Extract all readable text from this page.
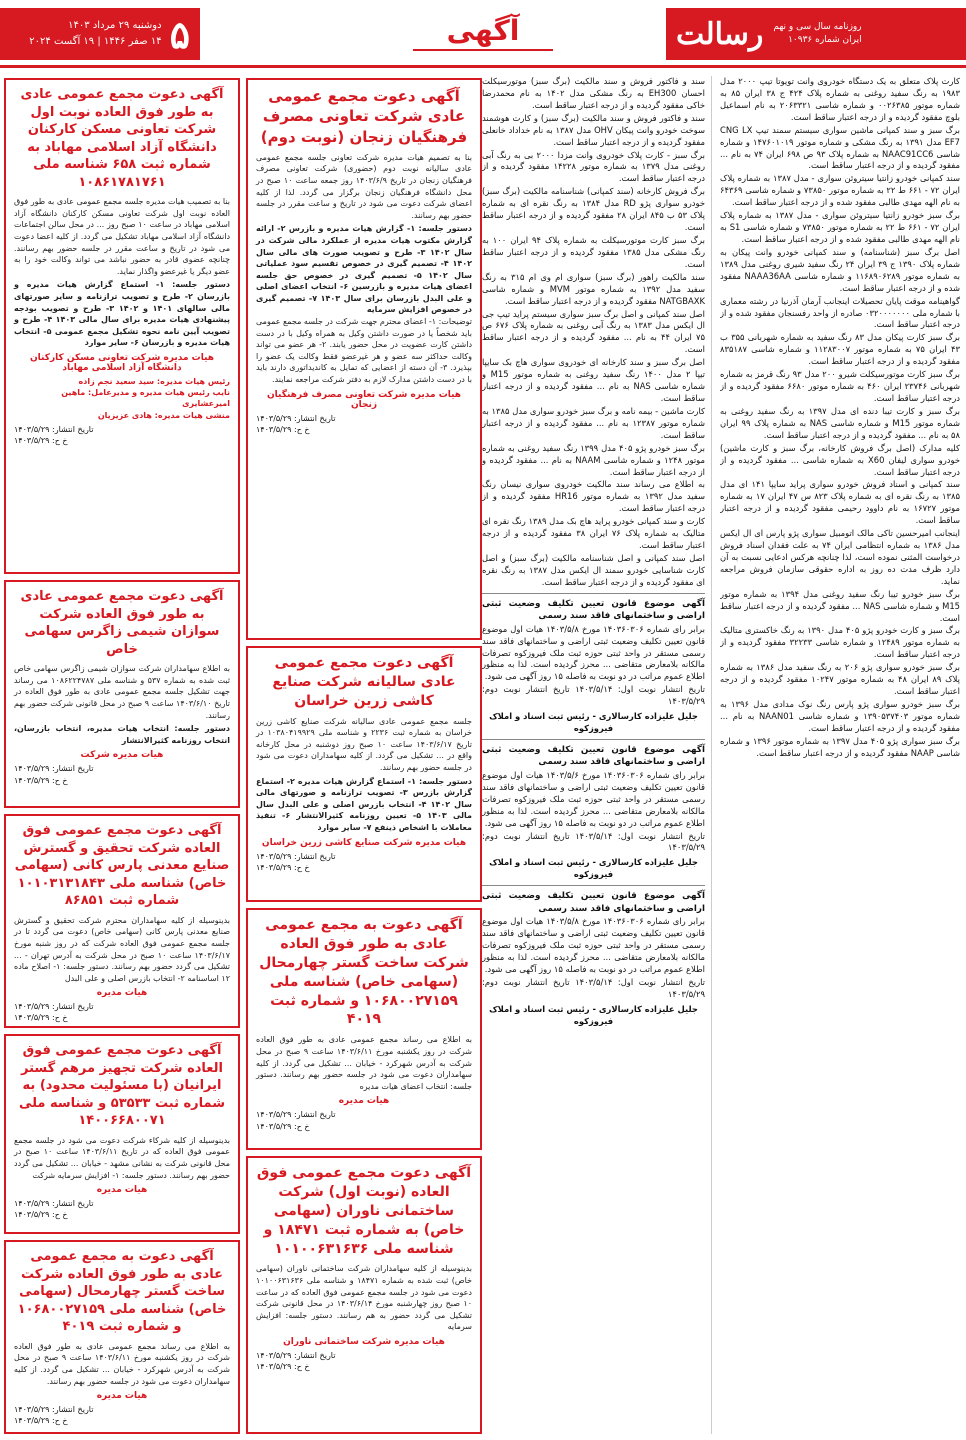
روزنامه سال سی و نهم
ایران شماره ۱۰۹۳۶
رسالت
آگهی
۵
دوشنبه ۲۹ مرداد ۱۴۰۳
۱۴ صفر ۱۴۴۶ | ۱۹ آگست ۲۰۲۴

کارت پلاک متعلق به یک دستگاه خودروی وانت تویوتا تیپ ۲۰۰۰ مدل ۱۹۸۳ به رنگ سفید روغنی به شماره پلاک ۴۲۴ ج ۳۸ ایران ۸۵ به شماره موتور ۰۰۲۶۳۸۵ و شماره شاسی ۲۰۶۳۳۲۱ به نام اسماعیل بلوچ مفقود گردیده و از درجه اعتبار ساقط است.

برگ سبز و سند کمپانی ماشین سواری سیستم سمند تیپ CNG LX EF7 مدل ۱۳۹۱ به رنگ مشکی و شماره موتور ۱۴۷۶۰۱۰۱۹ و شماره شاسی NAAC91CC6 به شماره پلاک ۹۳ ص ۶۹۸ ایران ۷۴ به نام ... مفقود گردیده و از درجه اعتبار ساقط است.

سند کمپانی خودرو زانتیا سیتروئن سواری - مدل ۱۳۸۷ به شماره پلاک ایران ۷۲ - ۶۶۱ ط ۲۲ به شماره موتور ۷۳۸۵۰ و شماره شاسی ۶۴۳۶۹ به نام الهه مهدی طالبی مفقود شده و از درجه اعتبار ساقط است.

برگ سبز خودرو زانتیا سیتروئن سواری - مدل ۱۳۸۷ به شماره پلاک ایران ۷۲ - ۶۶۱ ط ۲۲ به شماره موتور ۷۳۸۵۰ و شماره شاسی S1 به نام الهه مهدی طالبی مفقود شده و از درجه اعتبار ساقط است.

اصل برگ سبز (شناسنامه) و سند کمپانی خودرو وانت پیکان به شماره پلاک ۱۳۹۰ ج ۳۹ ایران ۲۴ رنگ سفید شیری روغنی مدل ۱۳۸۹ به شماره موتور ۱۱۶۸۹۰۶۲۸۹ و شماره شاسی NAAA36AA مفقود شده و از درجه اعتبار ساقط است.

گواهینامه موقت پایان تحصیلات اینجانب آرمان آذرنیا در رشته معماری با شماره ملی ۰۳۲۰۰۰۰۰۰۰ صادره از واحد رفسنجان مفقود شده و از درجه اعتبار ساقط است.

برگ سبز کارت پیکان مدل ۸۳ رنگ سفید به شماره شهربانی ۳۵۵ ب ۴۳ ایران ۷۵ به شماره موتور ۱۱۲۸۳۰۰۷ و شماره شاسی ۸۳۵۱۸۷ مفقود گردیده و از درجه اعتبار ساقط است.

برگ سبز کارت موتورسیکلت شیرو ۲۰۰ مدل ۹۳ رنگ قرمز به شماره شهربانی ۲۳۷۴۶ ایران ۴۶۰ به شماره موتور ۶۶۸۰ مفقود گردیده و از درجه اعتبار ساقط است.

برگ سبز و کارت تیبا دنده ای مدل ۱۳۹۷ به رنگ سفید روغنی به شماره موتور M15 و شماره شاسی NAS به شماره پلاک ۹۹ ایران ۵۸ به نام ... مفقود گردیده و از درجه اعتبار ساقط است.

کلیه مدارک (اصل برگ فروش کارخانه، برگ سبز و کارت ماشین) خودرو سواری لیفان X60 به شماره شاسی ... مفقود گردیده و از درجه اعتبار ساقط است.

سند کمپانی و اسناد فروش خودرو سواری پراید سایپا ۱۴۱ ای مدل ۱۳۸۵ به رنگ نقره ای به شماره پلاک ۸۲۳ س ۴۷ ایران ۱۷ به شماره موتور ۱۶۷۲۷ به نام داوود رحیمی مفقود گردیده و از درجه اعتبار ساقط است.

اینجانب امیرحسین تاکی مالک اتومبیل سواری پژو پارس ای ال ایکس مدل ۱۳۸۶ به شماره انتظامی ایران ۷۴ به علت فقدان اسناد فروش درخواست المثنی نموده است، لذا چنانچه هرکس ادعایی نسبت به آن دارد ظرف مدت ده روز به اداره حقوقی سازمان فروش مراجعه نماید.

برگ سبز خودرو تیبا رنگ سفید روغنی مدل ۱۳۹۴ به شماره موتور M15 و شماره شاسی NAS ... مفقود گردیده و از درجه اعتبار ساقط است.

برگ سبز و کارت خودرو پژو ۴۰۵ مدل ۱۳۹۰ به رنگ خاکستری متالیک به شماره موتور ۱۲۴۸۹ و شماره شاسی ۳۲۲۳۳ مفقود گردیده و از درجه اعتبار ساقط است.

برگ سبز خودرو سواری پژو ۲۰۶ به رنگ سفید مدل ۱۳۸۶ به شماره پلاک ۸۹ ایران ۴۸ به شماره موتور ۱۰۲۴۷ مفقود گردیده و از درجه اعتبار ساقط است.

برگ سبز خودرو سواری پژو پارس رنگ نوک مدادی مدل ۱۳۹۶ به شماره موتور ۱۳۹۰۵۳۷۴۰۳ و شماره شاسی NAAN01 به نام ... مفقود گردیده و از درجه اعتبار ساقط است.

برگ سبز سواری پژو ۴۰۵ مدل ۱۳۹۷ به شماره موتور ۱۳۹۶ و شماره شاسی NAAP مفقود گردیده و از درجه اعتبار ساقط است.

سند و فاکتور فروش و سند مالکیت (برگ سبز) موتورسیکلت احسان EH300 به رنگ مشکی مدل ۱۴۰۲ به نام محمدرضا خاکی مفقود گردیده و از درجه اعتبار ساقط است.

سند و فاکتور فروش و سند مالکیت (برگ سبز) و کارت هوشمند سوخت خودرو وانت پیکان OHV مدل ۱۳۸۷ به نام خداداد خانعلی مفقود گردیده و از درجه اعتبار ساقط است.

برگ سبز - کارت پلاک خودروی وانت مزدا ۲۰۰۰ بی به رنگ آبی روغنی مدل ۱۳۷۹ به شماره موتور ۱۴۲۲۸ مفقود گردیده و از درجه اعتبار ساقط است.

برگ فروش کارخانه (سند کمپانی) شناسنامه مالکیت (برگ سبز) خودرو سواری پژو RD مدل ۱۳۸۴ به رنگ نقره ای به شماره پلاک ۵۳ ب ۸۴۵ ایران ۲۸ مفقود گردیده و از درجه اعتبار ساقط است.

برگ سبز کارت موتورسیکلت به شماره پلاک ۹۴ ایران ۱۰۰ به رنگ مشکی مدل ۱۳۸۵ مفقود گردیده و از درجه اعتبار ساقط است.

سند مالکیت راهور (برگ سبز) سواری ام وی ام ۳۱۵ به رنگ سفید مدل ۱۳۹۲ به شماره موتور MVM و شماره شاسی NATGBAXK مفقود گردیده و از درجه اعتبار ساقط است.

اصل سند کمپانی و اصل برگ سبز سواری سیستم پراید تیپ جی ال ایکس مدل ۱۳۸۳ به رنگ آبی روغنی به شماره پلاک ۶۷۶ ص ۷۵ ایران ۴۴ به نام ... مفقود گردیده و از درجه اعتبار ساقط است.

اصل برگ سبز و سند کارخانه ای خودروی سواری هاچ بک سایپا تیپا ۲ مدل ۱۴۰۰ رنگ سفید روغنی به شماره موتور M15 و شماره شاسی NAS به نام ... مفقود گردیده و از درجه اعتبار ساقط است.

کارت ماشین - بیمه نامه و برگ سبز خودرو سواری مدل ۱۳۸۵ به شماره موتور ۱۲۳۸۷ به نام ... مفقود گردیده و از درجه اعتبار ساقط است.

برگ سبز خودرو پژو ۴۰۵ مدل ۱۳۹۹ رنگ سفید روغنی به شماره موتور ۱۲۴۸ و شماره شاسی NAAM به نام ... مفقود گردیده و از درجه اعتبار ساقط است.

به اطلاع می رساند سند مالکیت خودروی سواری نیسان رنگ سفید مدل ۱۳۹۲ به شماره موتور HR16 مفقود گردیده و از درجه اعتبار ساقط است.

کارت و سند کمپانی خودرو پراید هاچ بک مدل ۱۳۸۹ رنگ نقره ای متالیک به شماره پلاک ۷۶ ایران ۳۸ مفقود گردیده و از درجه اعتبار ساقط است.

اصل سند کمپانی و اصل شناسنامه مالکیت (برگ سبز) و اصل کارت شناسایی خودرو سمند ال ایکس مدل ۱۳۸۷ به رنگ نقره ای مفقود گردیده و از درجه اعتبار ساقط است.

آگهی موضوع قانون تعیین تکلیف وضعیت ثبتی اراضی و ساختمانهای فاقد سند رسمی

برابر رای شماره ۱۴۰۳۶۰۳۰۶ مورخ ۱۴۰۳/۵/۸ هیات اول موضوع قانون تعیین تکلیف وضعیت ثبتی اراضی و ساختمانهای فاقد سند رسمی مستقر در واحد ثبتی حوزه ثبت ملک فیروزکوه تصرفات مالکانه بلامعارض متقاضی ... محرز گردیده است. لذا به منظور اطلاع عموم مراتب در دو نوبت به فاصله ۱۵ روز آگهی می شود.

تاریخ انتشار نوبت اول: ۱۴۰۳/۵/۱۴ تاریخ انتشار نوبت دوم: ۱۴۰۳/۵/۲۹

جلیل علیزاده کارسالاری - رئیس ثبت اسناد و املاک فیروزکوه
آگهی موضوع قانون تعیین تکلیف وضعیت ثبتی اراضی و ساختمانهای فاقد سند رسمی

برابر رای شماره ۱۴۰۳۶۰۳۰۶ مورخ ۱۴۰۳/۵/۶ هیات اول موضوع قانون تعیین تکلیف وضعیت ثبتی اراضی و ساختمانهای فاقد سند رسمی مستقر در واحد ثبتی حوزه ثبت ملک فیروزکوه تصرفات مالکانه بلامعارض متقاضی ... محرز گردیده است. لذا به منظور اطلاع عموم مراتب در دو نوبت به فاصله ۱۵ روز آگهی می شود.

تاریخ انتشار نوبت اول: ۱۴۰۳/۵/۱۴ تاریخ انتشار نوبت دوم: ۱۴۰۳/۵/۲۹

جلیل علیزاده کارسالاری - رئیس ثبت اسناد و املاک فیروزکوه
آگهی موضوع قانون تعیین تکلیف وضعیت ثبتی اراضی و ساختمانهای فاقد سند رسمی

برابر رای شماره ۱۴۰۳۶۰۳۰۶ مورخ ۱۴۰۳/۵/۸ هیات اول موضوع قانون تعیین تکلیف وضعیت ثبتی اراضی و ساختمانهای فاقد سند رسمی مستقر در واحد ثبتی حوزه ثبت ملک فیروزکوه تصرفات مالکانه بلامعارض متقاضی ... محرز گردیده است. لذا به منظور اطلاع عموم مراتب در دو نوبت به فاصله ۱۵ روز آگهی می شود.

تاریخ انتشار نوبت اول: ۱۴۰۳/۵/۱۴ تاریخ انتشار نوبت دوم: ۱۴۰۳/۵/۲۹

جلیل علیزاده کارسالاری - رئیس ثبت اسناد و املاک فیروزکوه
آگهی دعوت مجمع عمومی عادی شرکت تعاونی مصرف فرهنگیان زنجان (نوبت دوم)

بنا به تصمیم هیات مدیره شرکت تعاونی جلسه مجمع عمومی عادی سالیانه نوبت دوم (حضوری) شرکت تعاونی مصرف فرهنگیان زنجان در تاریخ ۱۴۰۳/۶/۹ روز جمعه ساعت ۱۰ صبح در محل دانشگاه فرهنگیان زنجان برگزار می گردد. لذا از کلیه اعضای شرکت دعوت می شود در تاریخ و ساعت مقرر در جلسه حضور بهم رسانند.

دستور جلسه: ۱- گزارش هیات مدیره و بازرس ۲- ارائه گزارش مکتوب هیات مدیره از عملکرد مالی شرکت در سال ۱۴۰۲ ۳- طرح و تصویب صورت های مالی سال ۱۴۰۲ ۴- تصمیم گیری در خصوص تقسیم سود عملیاتی سال ۱۴۰۲ ۵- تصمیم گیری در خصوص حق جلسه اعضای هیات مدیره و بازرسین ۶- انتخاب اعضای اصلی و علی البدل بازرسان برای سال ۱۴۰۳ ۷- تصمیم گیری در خصوص افزایش سرمایه

توضیحات: ۱- اعضای محترم جهت شرکت در جلسه مجمع عمومی باید شخصاً یا در صورت داشتن وکیل به همراه وکیل با در دست داشتن کارت عضویت در محل حضور یابند. ۲- هر عضو می تواند وکالت حداکثر سه عضو و هر غیرعضو فقط وکالت یک عضو را بپذیرد. ۳- آن دسته از اعضایی که تمایل به کاندیداتوری دارند باید با در دست داشتن مدارک لازم به دفتر شرکت مراجعه نمایند.

هیات مدیره شرکت تعاونی مصرف فرهنگیان زنجان
تاریخ انتشار: ۱۴۰۳/۵/۲۹
خ ح: ۱۴۰۳/۵/۲۹
آگهی دعوت مجمع عمومی عادی سالیانه شرکت صنایع کاشی زرین خراسان

جلسه مجمع عمومی عادی سالیانه شرکت صنایع کاشی زرین خراسان به شماره ثبت ۲۲۳۶ و شناسه ملی ۱۰۳۸۰۴۱۹۹۲۹ در تاریخ ۱۴۰۳/۶/۱۷ ساعت ۱۰ صبح روز دوشنبه در محل کارخانه واقع در ... تشکیل می گردد. از کلیه سهامداران دعوت می شود در جلسه حضور بهم رسانند.

دستور جلسه: ۱- استماع گزارش هیات مدیره ۲- استماع گزارش بازرس ۳- تصویب ترازنامه و صورتهای مالی سال ۱۴۰۲ ۴- انتخاب بازرس اصلی و علی البدل سال مالی ۱۴۰۳ ۵- تعیین روزنامه کثیرالانتشار ۶- تنفیذ معاملات با اشخاص ذینفع ۷- سایر موارد

هیات مدیره شرکت صنایع کاشی زرین خراسان
تاریخ انتشار: ۱۴۰۳/۵/۲۹
خ ح: ۱۴۰۳/۵/۲۹
آگهی دعوت به مجمع عمومی عادی به طور فوق العاده شرکت ساخت گستر چهارمحال (سهامی خاص) شناسه ملی ۱۰۶۸۰۰۲۷۱۵۹ و شماره ثبت ۴۰۱۹

به اطلاع می رساند مجمع عمومی عادی به طور فوق العاده شرکت در روز یکشنبه مورخ ۱۴۰۳/۶/۱۱ ساعت ۹ صبح در محل شرکت به آدرس شهرکرد - خیابان ... تشکیل می گردد. از کلیه سهامداران دعوت می شود در جلسه حضور بهم رسانند. دستور جلسه: انتخاب اعضای هیات مدیره

هیات مدیره
تاریخ انتشار: ۱۴۰۳/۵/۲۹
خ ح: ۱۴۰۳/۵/۲۹
آگهی دعوت مجمع عمومی فوق العاده (نوبت اول) شرکت ساختمانی ناوران (سهامی خاص) به شماره ثبت ۱۸۴۷۱ و شناسه ملی ۱۰۱۰۰۶۳۱۶۳۶

بدینوسیله از کلیه سهامداران شرکت ساختمانی ناوران (سهامی خاص) ثبت شده به شماره ۱۸۴۷۱ و شناسه ملی ۱۰۱۰۰۶۳۱۶۳۶ دعوت می شود در جلسه مجمع عمومی فوق العاده که در ساعت ۱۰ صبح روز چهارشنبه مورخ ۱۴۰۳/۶/۱۴ در محل قانونی شرکت تشکیل می گردد حضور به هم رسانند. دستور جلسه: افزایش سرمایه

هیات مدیره شرکت ساختمانی ناوران
تاریخ انتشار: ۱۴۰۳/۵/۲۹
خ ح: ۱۴۰۳/۵/۲۹
آگهی دعوت مجمع عمومی عادی به طور فوق العاده نوبت اول شرکت تعاونی مسکن کارکنان دانشگاه آزاد اسلامی مهاباد به شماره ثبت ۶۵۸ شناسه ملی ۱۰۸۶۱۷۸۱۷۶۱

بنا به تصمیب هیات مدیره جلسه مجمع عمومی عادی به طور فوق العاده نوبت اول شرکت تعاونی مسکن کارکنان دانشگاه آزاد اسلامی مهاباد در ساعت ۱۰ صبح روز ... در محل سالن اجتماعات دانشگاه آزاد اسلامی مهاباد تشکیل می گردد. از کلیه اعضا دعوت می شود در تاریخ و ساعت مقرر در جلسه حضور بهم رسانند. چنانچه عضوی قادر به حضور نباشد می تواند وکالت خود را به عضو دیگر یا غیرعضو واگذار نماید.

دستور جلسه: ۱- استماع گزارش هیات مدیره و بازرسان ۲- طرح و تصویب ترازنامه و سایر صورتهای مالی سالهای ۱۴۰۱ و ۱۴۰۲ ۳- طرح و تصویب بودجه پیشنهادی هیات مدیره برای سال مالی ۱۴۰۳ ۴- طرح و تصویب آیین نامه نحوه تشکیل مجمع عمومی ۵- انتخاب هیات مدیره و بازرسان ۶- سایر موارد

هیات مدیره شرکت تعاونی مسکن کارکنان دانشگاه آزاد اسلامی مهاباد
رئیس هیات مدیره: سید سعید نجم زاده
نایب رئیس هیات مدیره و مدیرعامل: ماهین امیرعشایری
منشی هیات مدیره: هادی عزیزیان
تاریخ انتشار: ۱۴۰۳/۵/۲۹
خ ح: ۱۴۰۳/۵/۲۹
آگهی دعوت مجمع عمومی عادی به طور فوق العاده شرکت سوازان شیمی زاگرس سهامی خاص

به اطلاع سهامداران شرکت سوازان شیمی زاگرس سهامی خاص ثبت شده به شماره ۵۳۷ و شناسه ملی ۱۰۸۶۲۲۴۷۸۷ می رساند جهت تشکیل جلسه مجمع عمومی عادی به طور فوق العاده در تاریخ ۱۴۰۳/۶/۱۰ ساعت ۹ صبح در محل قانونی شرکت حضور بهم رسانند.

دستور جلسه: انتخاب هیات مدیره، انتخاب بازرسان، انتخاب روزنامه کثیرالانتشار

هیات مدیره شرکت
تاریخ انتشار: ۱۴۰۳/۵/۲۹
خ ح: ۱۴۰۳/۵/۲۹
آگهی دعوت مجمع عمومی فوق العاده شرکت تحقیق و گسترش صنایع معدنی پارس کانی (سهامی خاص) شناسه ملی ۱۰۱۰۳۱۳۱۸۴۳ شماره ثبت ۸۶۸۵۱

بدینوسیله از کلیه سهامداران محترم شرکت تحقیق و گسترش صنایع معدنی پارس کانی (سهامی خاص) دعوت می گردد تا در جلسه مجمع عمومی فوق العاده شرکت که در روز شنبه مورخ ۱۴۰۳/۶/۱۷ ساعت ۱۰ صبح در محل شرکت به آدرس تهران - ... تشکیل می گردد حضور بهم رسانند. دستور جلسه: ۱- اصلاح ماده ۱۲ اساسنامه ۲- انتخاب بازرس اصلی و علی البدل

هیات مدیره
تاریخ انتشار: ۱۴۰۳/۵/۲۹
خ ح: ۱۴۰۳/۵/۲۹
آگهی دعوت مجمع عمومی فوق العاده شرکت تجهیز مرهم گستر ایرانیان (با مسئولیت محدود) به شماره ثبت ۵۳۵۳۳ و شناسه ملی ۱۴۰۰۶۶۸۰۰۷۱

بدینوسیله از کلیه شرکاء شرکت دعوت می شود در جلسه مجمع عمومی فوق العاده که در تاریخ ۱۴۰۳/۶/۱۱ ساعت ۱۰ صبح در محل قانونی شرکت به نشانی مشهد - خیابان ... تشکیل می گردد حضور بهم رسانند. دستور جلسه: ۱- افزایش سرمایه شرکت

هیات مدیره
تاریخ انتشار: ۱۴۰۳/۵/۲۹
خ ح: ۱۴۰۳/۵/۲۹
آگهی دعوت به مجمع عمومی عادی به طور فوق العاده شرکت ساخت گستر چهارمحال (سهامی خاص) شناسه ملی ۱۰۶۸۰۰۲۷۱۵۹ و شماره ثبت ۴۰۱۹

به اطلاع می رساند مجمع عمومی عادی به طور فوق العاده شرکت در روز یکشنبه مورخ ۱۴۰۳/۶/۱۱ ساعت ۹ صبح در محل شرکت به آدرس شهرکرد - خیابان ... تشکیل می گردد. از کلیه سهامداران دعوت می شود در جلسه حضور بهم رسانند.

هیات مدیره
تاریخ انتشار: ۱۴۰۳/۵/۲۹
خ ح: ۱۴۰۳/۵/۲۹
